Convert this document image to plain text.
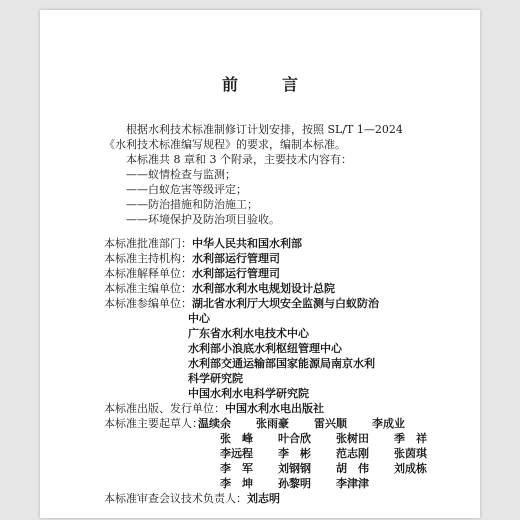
前　言
根据水利技术标准制修订计划安排，按照 SL/T 1—2024
《水利技术标准编写规程》的要求，编制本标准。
本标准共 8 章和 3 个附录，主要技术内容有：
——蚁情检查与监测；
——白蚁危害等级评定；
——防治措施和防治施工；
——环境保护及防治项目验收。
本标准批准部门：中华人民共和国水利部
本标准主持机构：水利部运行管理司
本标准解释单位：水利部运行管理司
本标准主编单位：水利部水利水电规划设计总院
本标准参编单位：湖北省水利厅大坝安全监测与白蚁防治
中心
广东省水利水电技术中心
水利部小浪底水利枢纽管理中心
水利部交通运输部国家能源局南京水利
科学研究院
中国水利水电科学研究院
本标准出版、发行单位：中国水利水电出版社
本标准主要起草人：
温续余 张雨豪 雷兴顺 李成业
张　峰 叶合欣 张树田 季　祥
李远程 李　彬 范志刚 张茵琪
李　军 刘钢钢 胡　伟 刘成栋
李　坤 孙黎明 李津津
本标准审查会议技术负责人：刘志明
